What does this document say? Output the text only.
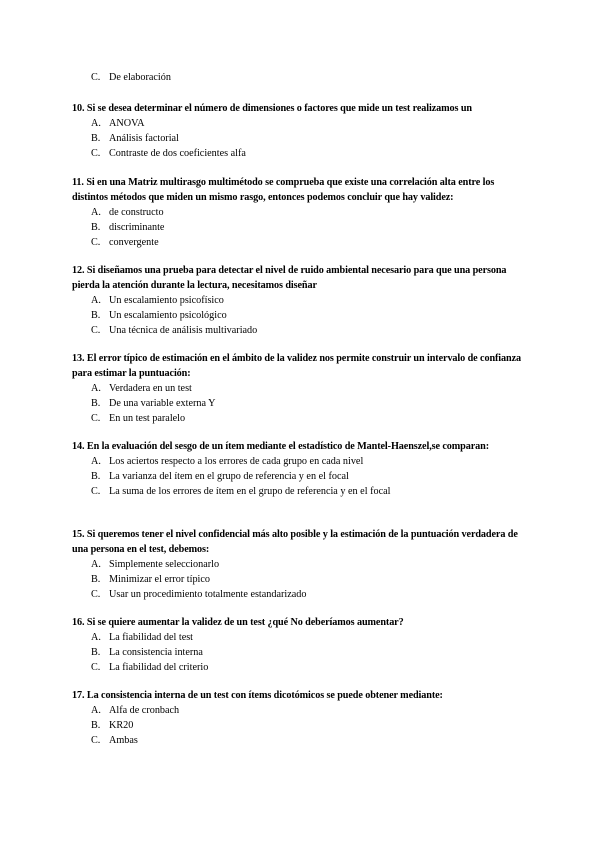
C. De elaboración
10. Si se desea determinar el número de dimensiones o factores que mide un test realizamos un
A. ANOVA
B. Análisis factorial
C. Contraste de dos coeficientes alfa
11. Si en una Matriz multirasgo multimétodo se comprueba que existe una correlación alta entre los distintos métodos que miden un mismo rasgo, entonces podemos concluir que hay validez:
A. de constructo
B. discriminante
C. convergente
12. Si diseñamos una prueba para detectar el nivel de ruido ambiental necesario para que una persona pierda la atención durante la lectura, necesitamos diseñar
A. Un escalamiento psicofísico
B. Un escalamiento psicológico
C. Una técnica de análisis multivariado
13. El error típico de estimación en el ámbito de la validez nos permite construir un intervalo de confianza para estimar la puntuación:
A. Verdadera en un test
B. De una variable externa Y
C. En un test paralelo
14. En la evaluación del sesgo de un ítem mediante el estadístico de Mantel-Haenszel,se comparan:
A. Los aciertos respecto a los errores de cada grupo en cada nivel
B. La varianza del ítem en el grupo de referencia y en el focal
C. La suma de los errores de ítem en el grupo de referencia y en el focal
15. Si queremos tener el nivel confidencial más alto posible y la estimación de la puntuación verdadera de una persona en el test, debemos:
A. Simplemente seleccionarlo
B. Minimizar el error típico
C. Usar un procedimiento totalmente estandarizado
16. Si se quiere aumentar la validez de un test ¿qué No deberíamos aumentar?
A. La fiabilidad del test
B. La consistencia interna
C. La fiabilidad del criterio
17. La consistencia interna de un test con ítems dicotómicos se puede obtener mediante:
A. Alfa de cronbach
B. KR20
C. Ambas
